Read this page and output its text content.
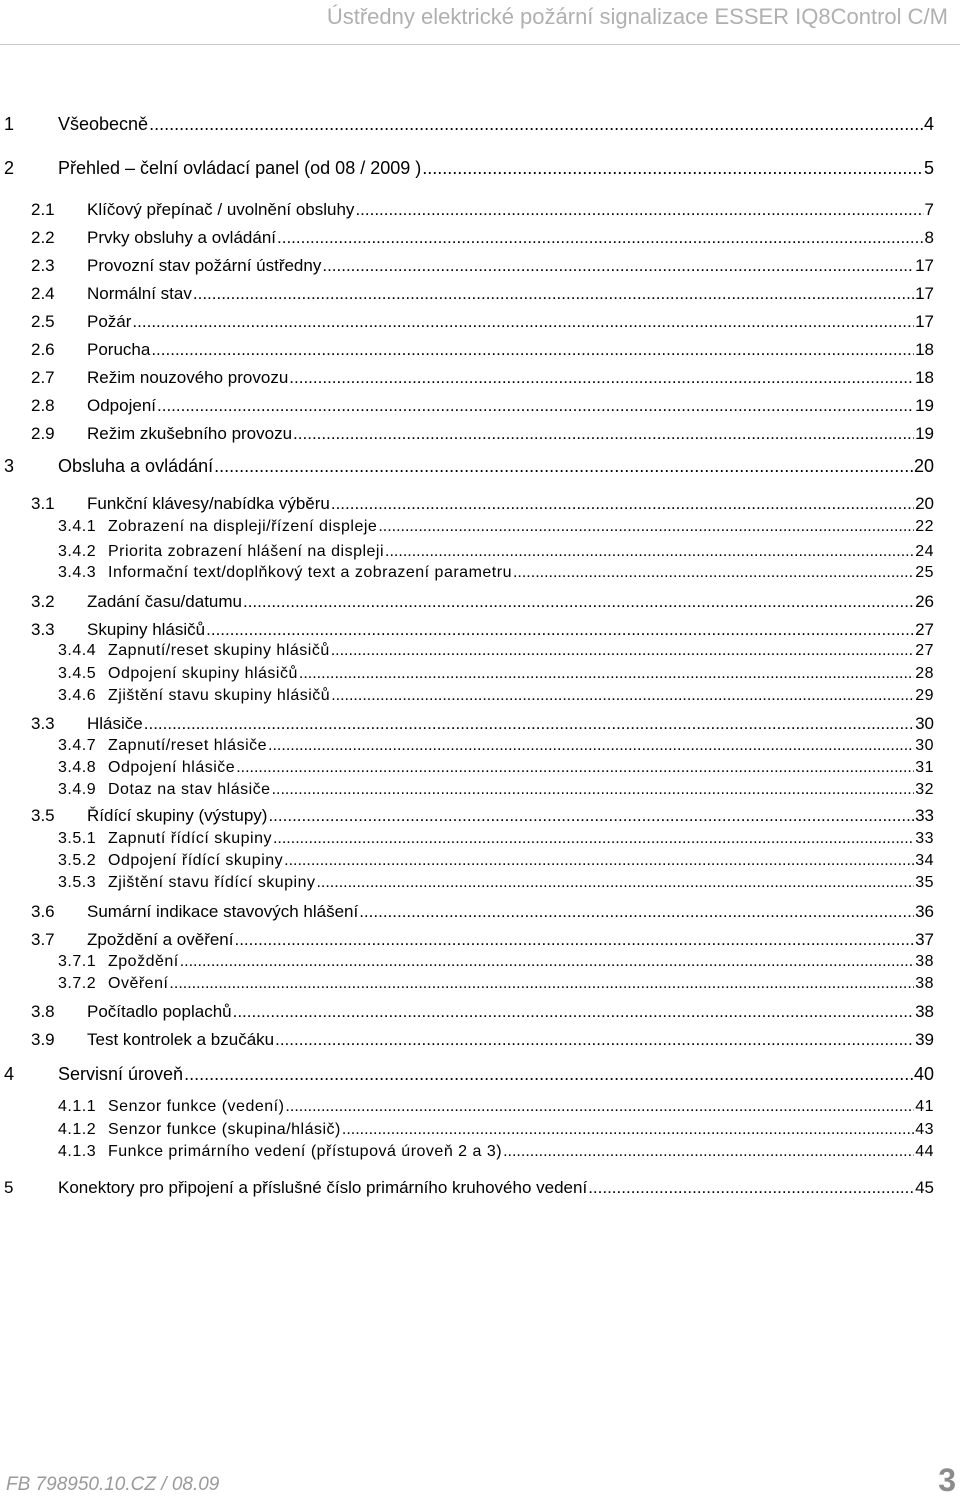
Ústředny elektrické požární signalizace ESSER IQ8Control C/M
1	Všeobecně .....	4
2	Přehled – čelní ovládací panel (od 08 / 2009 ) .....	5
2.1	Klíčový přepínač / uvolnění obsluhy .....	7
2.2	Prvky obsluhy a ovládání .....	8
2.3	Provozní stav požární ústředny .....	17
2.4	Normální stav .....	17
2.5	Požár .....	17
2.6	Porucha .....	18
2.7	Režim nouzového provozu .....	18
2.8	Odpojení .....	19
2.9	Režim zkušebního provozu .....	19
3	Obsluha a ovládání .....	20
3.1	Funkční klávesy/nabídka výběru .....	20
3.4.1 Zobrazení na displeji/řízení displeje .....	22
3.4.2 Priorita zobrazení hlášení na displeji .....	24
3.4.3 Informační text/doplňkový text a zobrazení parametru .....	25
3.2	Zadání času/datumu .....	26
3.3	Skupiny hlásičů .....	27
3.4.4 Zapnutí/reset skupiny hlásičů .....	27
3.4.5 Odpojení skupiny hlásičů .....	28
3.4.6 Zjištění stavu skupiny hlásičů .....	29
3.3	Hlásiče .....	30
3.4.7 Zapnutí/reset hlásiče .....	30
3.4.8 Odpojení hlásiče .....	31
3.4.9 Dotaz na stav hlásiče .....	32
3.5	Řídící skupiny (výstupy) .....	33
3.5.1 Zapnutí řídící skupiny .....	33
3.5.2 Odpojení řídící skupiny .....	34
3.5.3 Zjištění stavu řídící skupiny .....	35
3.6	Sumární indikace stavových hlášení .....	36
3.7	Zpoždění a ověření .....	37
3.7.1 Zpoždění .....	38
3.7.2 Ověření .....	38
3.8	Počítadlo poplachů .....	38
3.9	Test kontrolek a bzučáku .....	39
4	Servisní úroveň .....	40
4.1.1 Senzor funkce (vedení) .....	41
4.1.2 Senzor funkce (skupina/hlásič) .....	43
4.1.3 Funkce primárního vedení (přístupová úroveň 2 a 3) .....	44
5	Konektory pro připojení a příslušné číslo primárního kruhového vedení .....	45
FB 798950.10.CZ / 08.09	3
